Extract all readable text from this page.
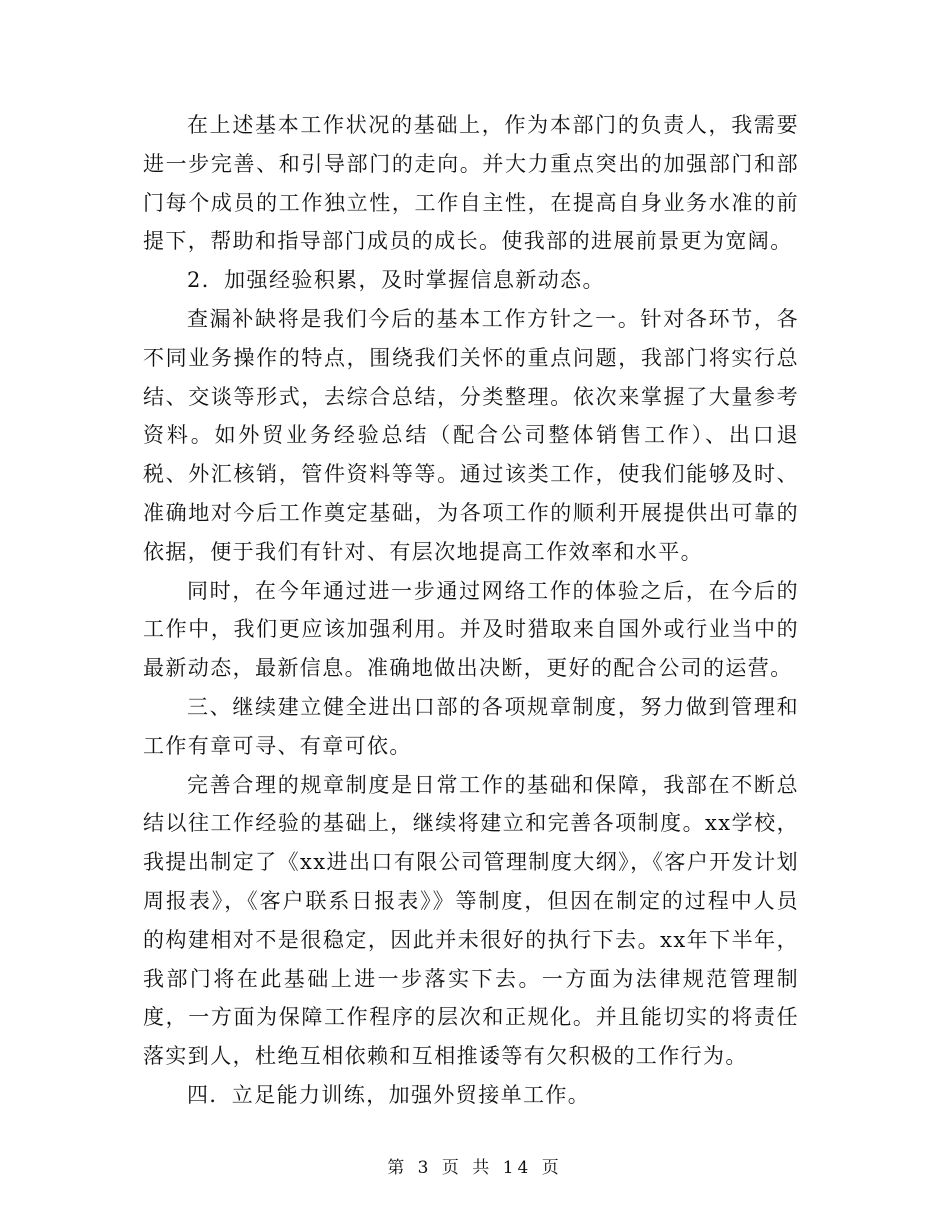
在上述基本工作状况的基础上，作为本部门的负责人，我需要进一步完善、和引导部门的走向。并大力重点突出的加强部门和部门每个成员的工作独立性，工作自主性，在提高自身业务水准的前提下，帮助和指导部门成员的成长。使我部的进展前景更为宽阔。

2．加强经验积累，及时掌握信息新动态。

查漏补缺将是我们今后的基本工作方针之一。针对各环节，各不同业务操作的特点，围绕我们关怀的重点问题，我部门将实行总结、交谈等形式，去综合总结，分类整理。依次来掌握了大量参考资料。如外贸业务经验总结（配合公司整体销售工作）、出口退税、外汇核销，管件资料等等。通过该类工作，使我们能够及时、准确地对今后工作奠定基础，为各项工作的顺利开展提供出可靠的依据，便于我们有针对、有层次地提高工作效率和水平。

同时，在今年通过进一步通过网络工作的体验之后，在今后的工作中，我们更应该加强利用。并及时猎取来自国外或行业当中的最新动态，最新信息。准确地做出决断，更好的配合公司的运营。

三、继续建立健全进出口部的各项规章制度，努力做到管理和工作有章可寻、有章可依。

完善合理的规章制度是日常工作的基础和保障，我部在不断总结以往工作经验的基础上，继续将建立和完善各项制度。xx学校，我提出制定了《xx进出口有限公司管理制度大纲》，《客户开发计划周报表》，《客户联系日报表》》等制度，但因在制定的过程中人员的构建相对不是很稳定，因此并未很好的执行下去。xx年下半年，我部门将在此基础上进一步落实下去。一方面为法律规范管理制度，一方面为保障工作程序的层次和正规化。并且能切实的将责任落实到人，杜绝互相依赖和互相推诿等有欠积极的工作行为。

四．立足能力训练，加强外贸接单工作。

第 3 页 共 14 页
